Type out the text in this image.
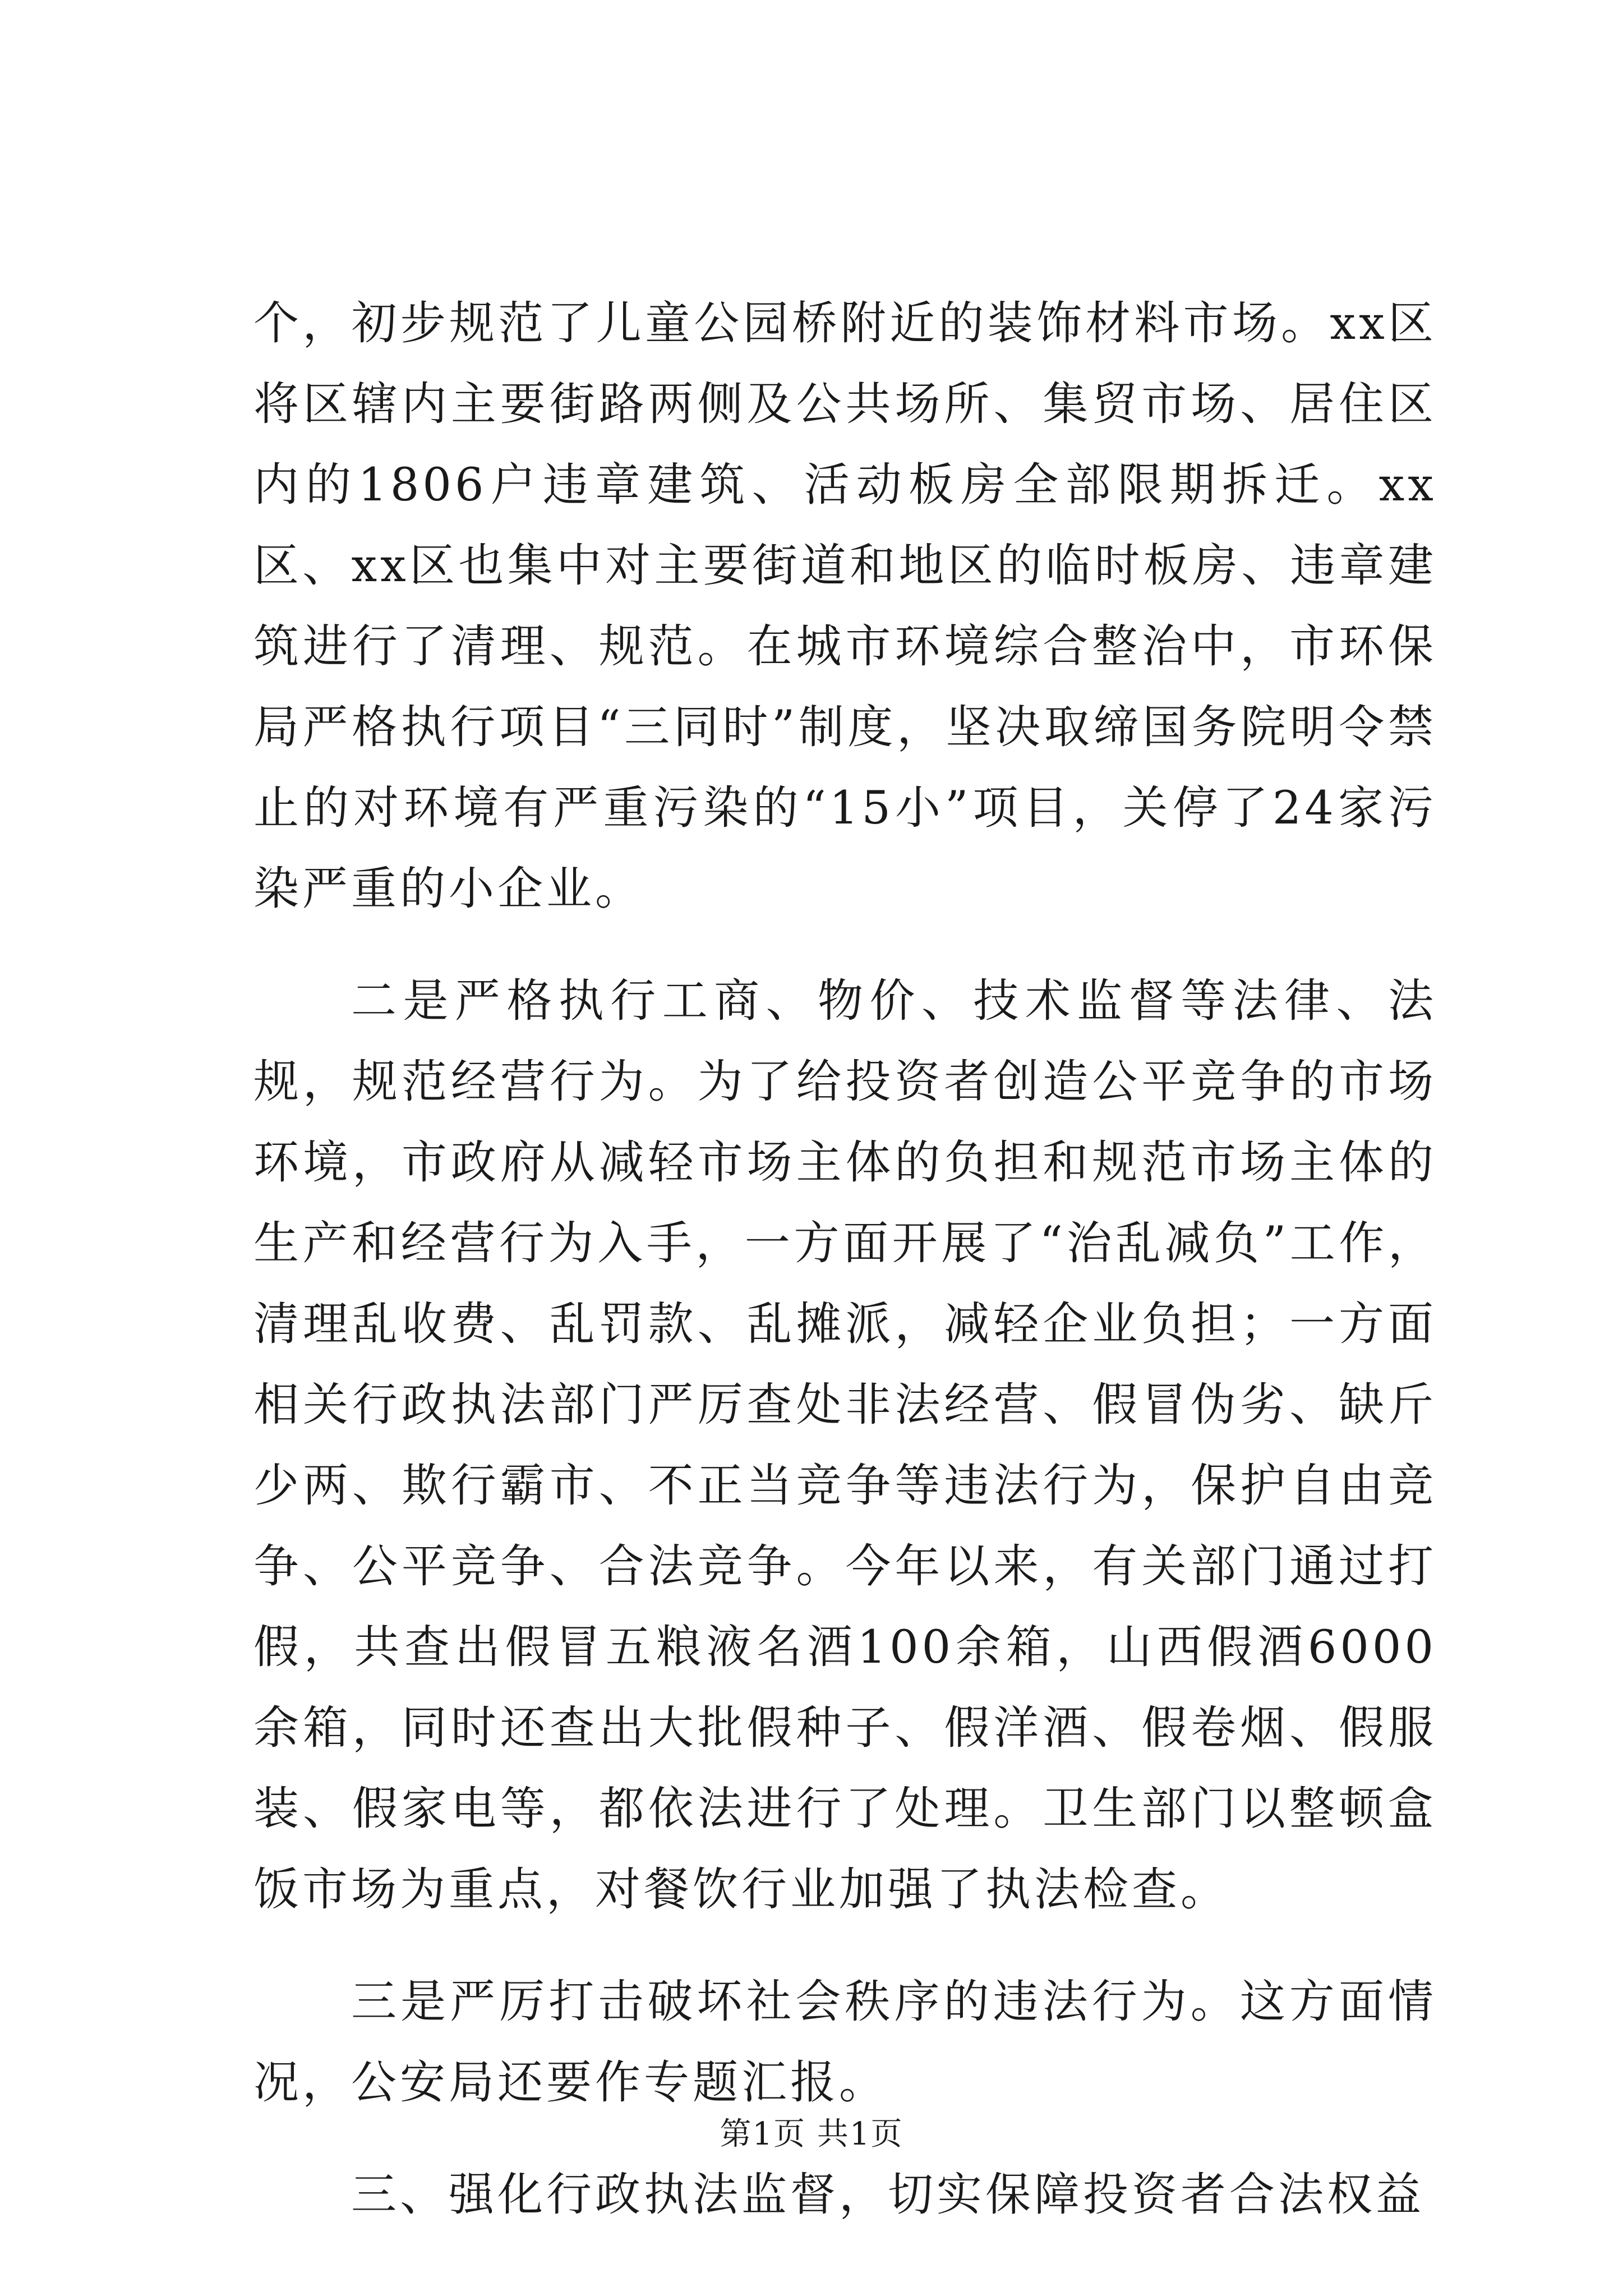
个，初步规范了儿童公园桥附近的装饰材料市场。xx区将区辖内主要街路两侧及公共场所、集贸市场、居住区内的1806户违章建筑、活动板房全部限期拆迁。xx区、xx区也集中对主要街道和地区的临时板房、违章建筑进行了清理、规范。在城市环境综合整治中，市环保局严格执行项目“三同时”制度，坚决取缔国务院明令禁止的对环境有严重污染的“15小”项目，关停了24家污染严重的小企业。

二是严格执行工商、物价、技术监督等法律、法规，规范经营行为。为了给投资者创造公平竞争的市场环境，市政府从减轻市场主体的负担和规范市场主体的生产和经营行为入手，一方面开展了“治乱减负”工作，清理乱收费、乱罚款、乱摊派，减轻企业负担；一方面相关行政执法部门严厉查处非法经营、假冒伪劣、缺斤少两、欺行霸市、不正当竞争等违法行为，保护自由竞争、公平竞争、合法竞争。今年以来，有关部门通过打假，共查出假冒五粮液名酒100余箱，山西假酒6000余箱，同时还查出大批假种子、假洋酒、假卷烟、假服装、假家电等，都依法进行了处理。卫生部门以整顿盒饭市场为重点，对餐饮行业加强了执法检查。

三是严厉打击破坏社会秩序的违法行为。这方面情况，公安局还要作专题汇报。

三、强化行政执法监督，切实保障投资者合法权益

第1页 共1页
